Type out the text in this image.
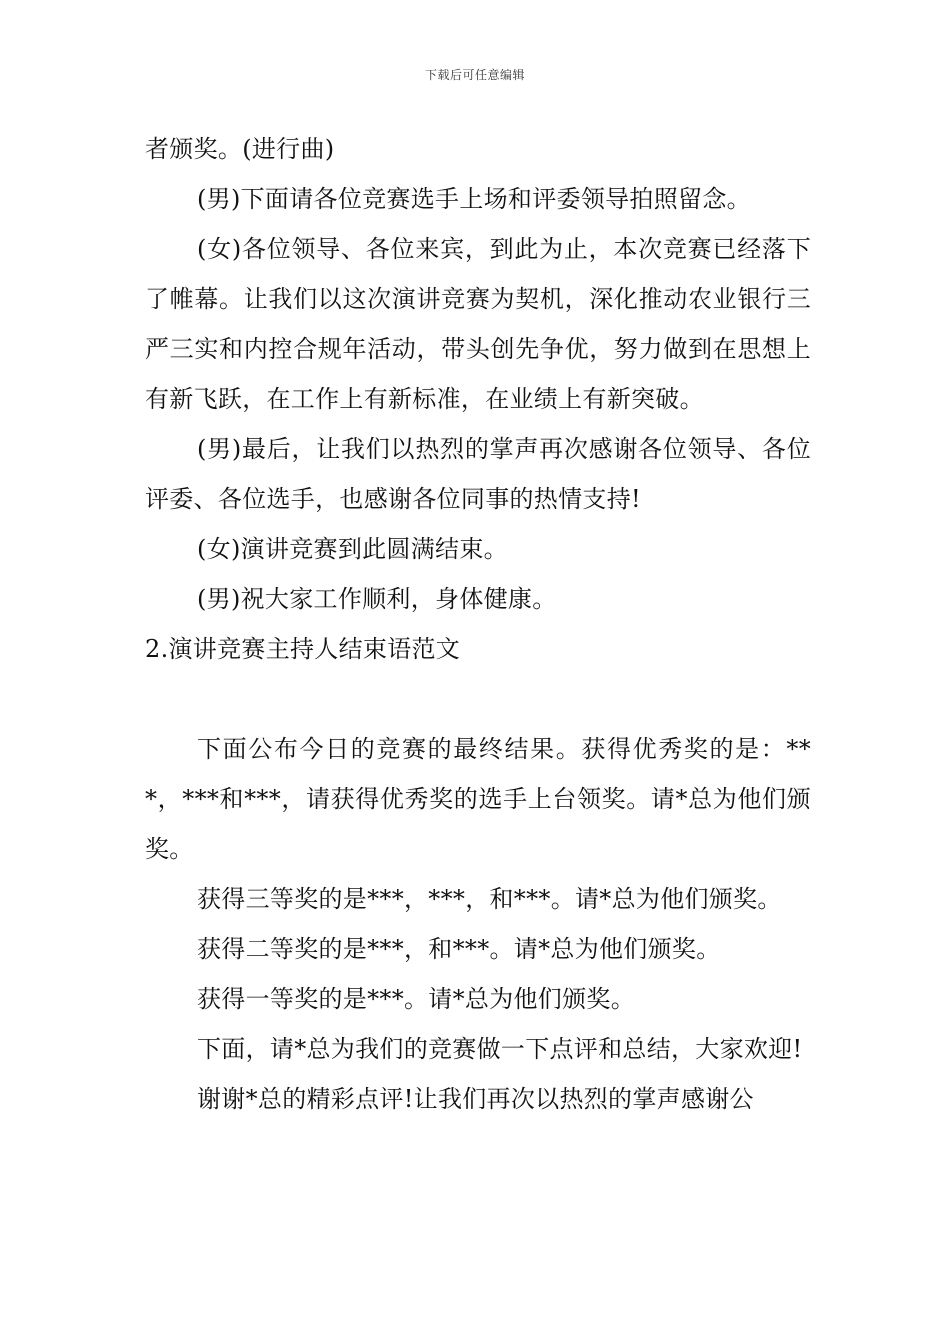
下载后可任意编辑

者颁奖。(进行曲)

(男)下面请各位竞赛选手上场和评委领导拍照留念。

(女)各位领导、各位来宾，到此为止，本次竞赛已经落下了帷幕。让我们以这次演讲竞赛为契机，深化推动农业银行三严三实和内控合规年活动，带头创先争优，努力做到在思想上有新飞跃，在工作上有新标准，在业绩上有新突破。

(男)最后，让我们以热烈的掌声再次感谢各位领导、各位评委、各位选手，也感谢各位同事的热情支持!

(女)演讲竞赛到此圆满结束。

(男)祝大家工作顺利，身体健康。

2.演讲竞赛主持人结束语范文

下面公布今日的竞赛的最终结果。获得优秀奖的是：***，***和***，请获得优秀奖的选手上台领奖。请*总为他们颁奖。

获得三等奖的是***，***，和***。请*总为他们颁奖。

获得二等奖的是***，和***。请*总为他们颁奖。

获得一等奖的是***。请*总为他们颁奖。

下面，请*总为我们的竞赛做一下点评和总结，大家欢迎!

谢谢*总的精彩点评!让我们再次以热烈的掌声感谢公
